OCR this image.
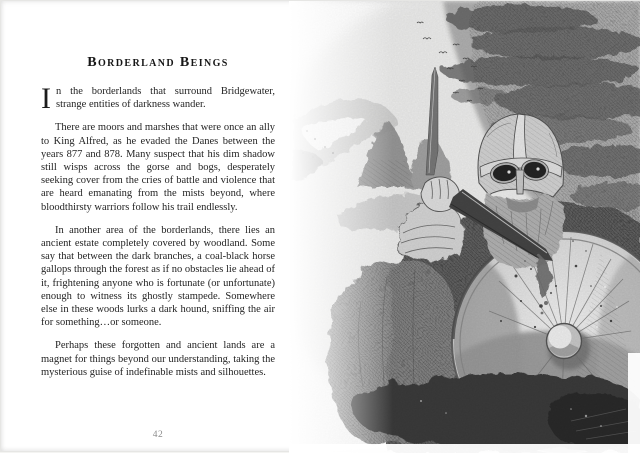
Borderland Beings

In the borderlands that surround Bridgewater, strange entities of darkness wander.

There are moors and marshes that were once an ally to King Alfred, as he evaded the Danes between the years 877 and 878. Many suspect that his dim shadow still wisps across the gorse and bogs, desperately seeking cover from the cries of battle and violence that are heard emanating from the mists beyond, where bloodthirsty warriors follow his trail endlessly.

In another area of the borderlands, there lies an ancient estate completely covered by woodland. Some say that between the dark branches, a coal-black horse gallops through the forest as if no obstacles lie ahead of it, frightening anyone who is fortunate (or unfortunate) enough to witness its ghostly stampede. Somewhere else in these woods lurks a dark hound, sniffing the air for something…or someone.

Perhaps these forgotten and ancient lands are a magnet for things beyond our understanding, taking the mysterious guise of indefinable mists and silhouettes.

42
